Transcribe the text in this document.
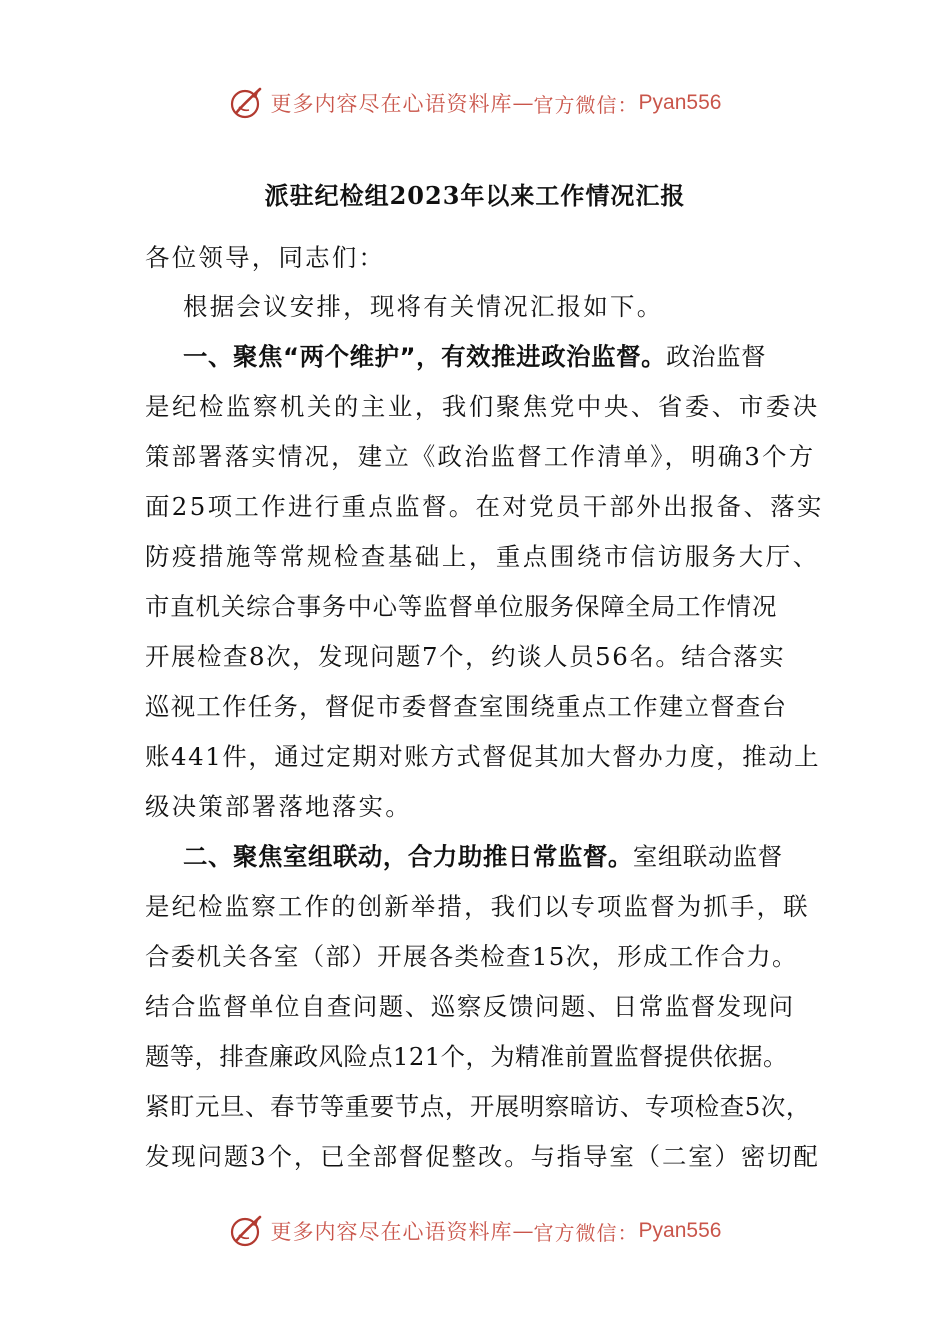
更多内容尽在心语资料库 — 官方微信： Pyan556
派驻纪检组2023年以来工作情况汇报
各位领导，同志们：
根据会议安排，现将有关情况汇报如下。
一、聚焦“两个维护”，有效推进政治监督。政治监督
是纪检监察机关的主业，我们聚焦党中央、省委、市委决
策部署落实情况，建立《政治监督工作清单》，明确3个方
面25项工作进行重点监督。在对党员干部外出报备、落实
防疫措施等常规检查基础上，重点围绕市信访服务大厅、
市直机关综合事务中心等监督单位服务保障全局工作情况
开展检查8次，发现问题7个，约谈人员56名。结合落实
巡视工作任务，督促市委督查室围绕重点工作建立督查台
账441件，通过定期对账方式督促其加大督办力度，推动上
级决策部署落地落实。
二、聚焦室组联动，合力助推日常监督。室组联动监督
是纪检监察工作的创新举措，我们以专项监督为抓手，联
合委机关各室（部）开展各类检查15次，形成工作合力。
结合监督单位自查问题、巡察反馈问题、日常监督发现问
题等，排查廉政风险点121个，为精准前置监督提供依据。
紧盯元旦、春节等重要节点，开展明察暗访、专项检查5次，
发现问题3个，已全部督促整改。与指导室（二室）密切配
更多内容尽在心语资料库 — 官方微信： Pyan556
